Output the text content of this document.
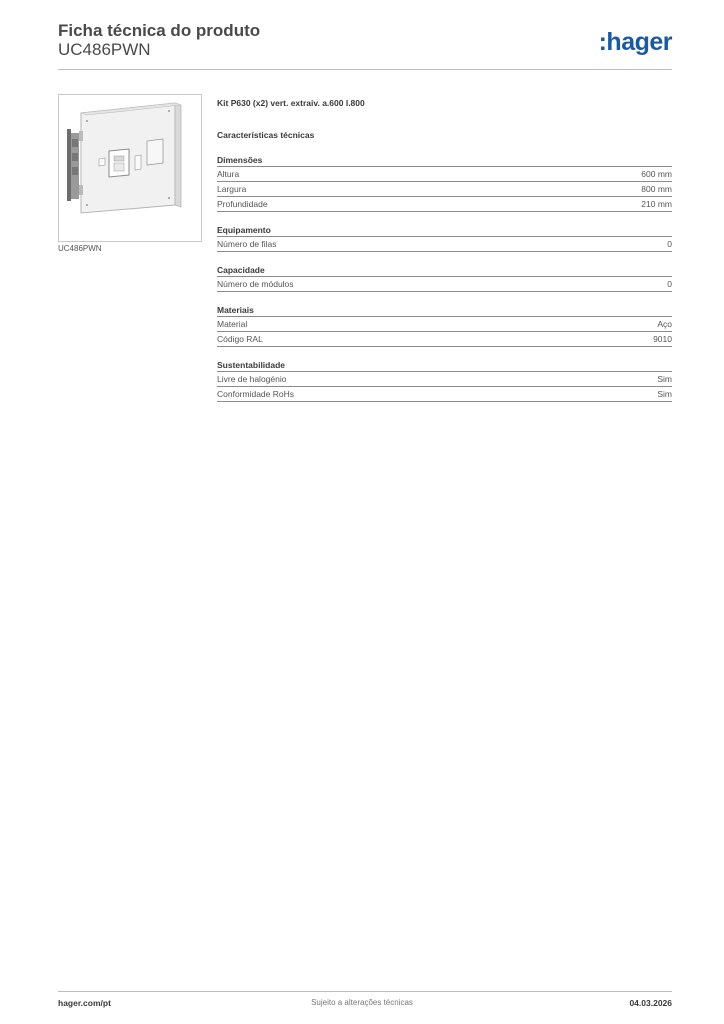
Ficha técnica do produto
UC486PWN	:hager
UC486PWN
Kit P630 (x2) vert. extraiv. a.600 l.800
Características técnicas
Dimensões
Altura	600 mm
Largura	800 mm
Profundidade	210 mm
Equipamento
Número de filas	0
Capacidade
Número de módulos	0
Materiais
Material	Aço
Código RAL	9010
Sustentabilidade
Livre de halogénio	Sim
Conformidade RoHs	Sim
hager.com/pt	Sujeito a alterações técnicas	04.03.2026
